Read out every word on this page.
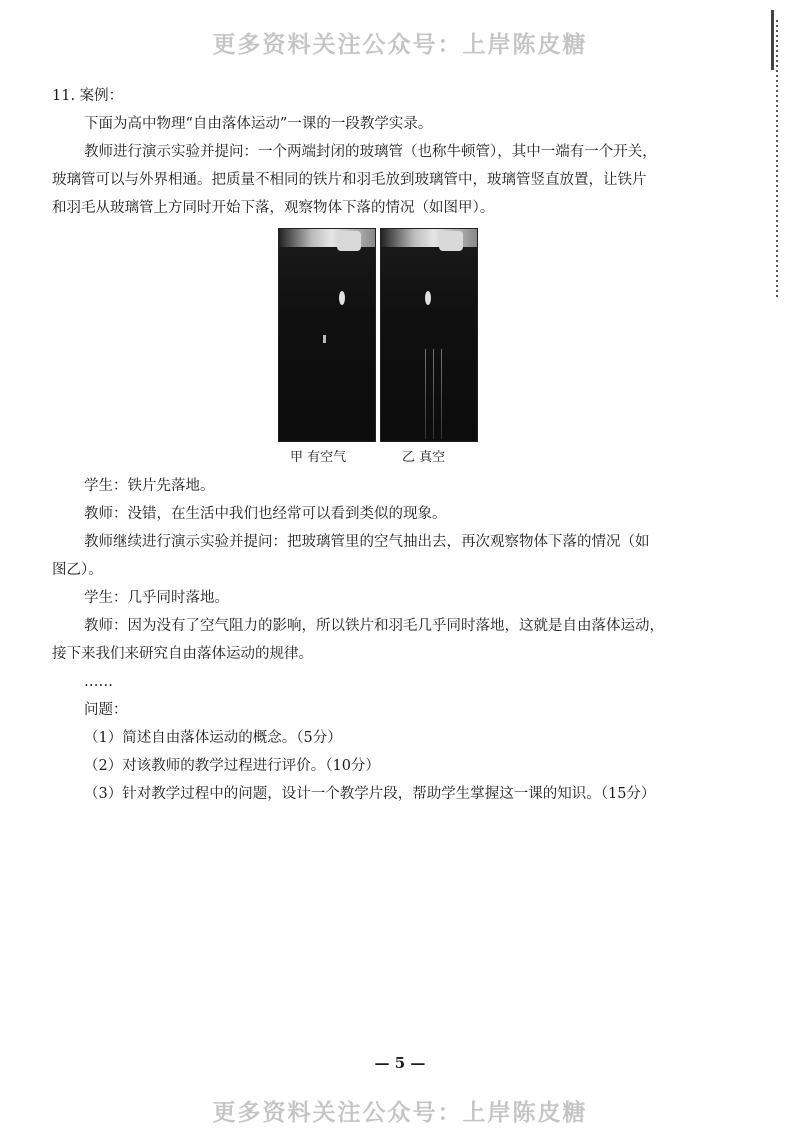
更多资料关注公众号：上岸陈皮糖

11. 案例：

下面为高中物理“自由落体运动”一课的一段教学实录。

教师进行演示实验并提问：一个两端封闭的玻璃管（也称牛顿管），其中一端有一个开关，

玻璃管可以与外界相通。把质量不相同的铁片和羽毛放到玻璃管中，玻璃管竖直放置，让铁片

和羽毛从玻璃管上方同时开始下落，观察物体下落的情况（如图甲）。

甲 有空气	乙 真空

学生：铁片先落地。

教师：没错，在生活中我们也经常可以看到类似的现象。

教师继续进行演示实验并提问：把玻璃管里的空气抽出去，再次观察物体下落的情况（如

图乙）。

学生：几乎同时落地。

教师：因为没有了空气阻力的影响，所以铁片和羽毛几乎同时落地，这就是自由落体运动，

接下来我们来研究自由落体运动的规律。

……

问题：

（1）简述自由落体运动的概念。（5分）

（2）对该教师的教学过程进行评价。（10分）

（3）针对教学过程中的问题，设计一个教学片段，帮助学生掌握这一课的知识。（15分）

— 5 —
更多资料关注公众号：上岸陈皮糖
